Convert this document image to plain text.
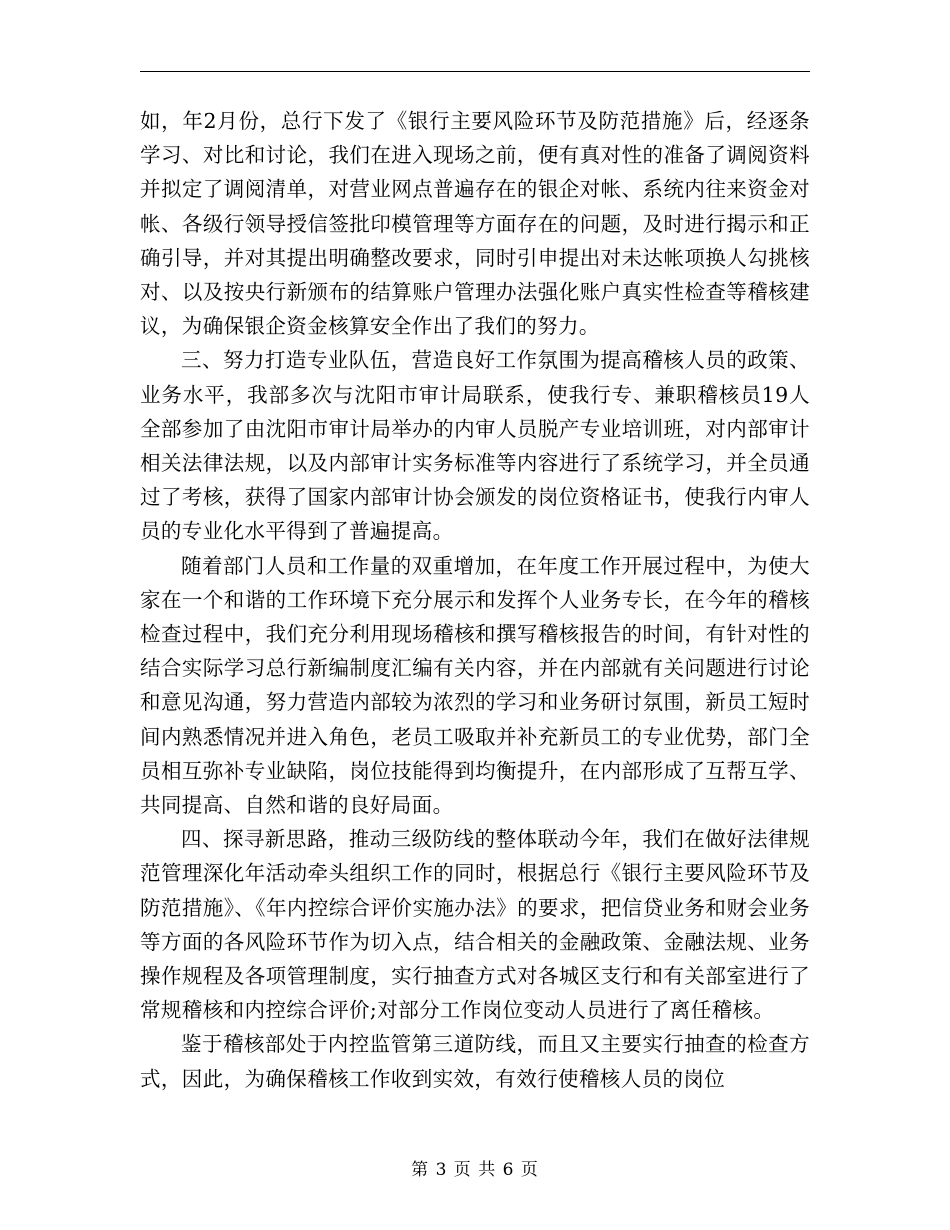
如，年2月份，总行下发了《银行主要风险环节及防范措施》后，经逐条学习、对比和讨论，我们在进入现场之前，便有真对性的准备了调阅资料并拟定了调阅清单，对营业网点普遍存在的银企对帐、系统内往来资金对帐、各级行领导授信签批印模管理等方面存在的问题，及时进行揭示和正确引导，并对其提出明确整改要求，同时引申提出对未达帐项换人勾挑核对、以及按央行新颁布的结算账户管理办法强化账户真实性检查等稽核建议，为确保银企资金核算安全作出了我们的努力。

三、努力打造专业队伍，营造良好工作氛围为提高稽核人员的政策、业务水平，我部多次与沈阳市审计局联系，使我行专、兼职稽核员19人全部参加了由沈阳市审计局举办的内审人员脱产专业培训班，对内部审计相关法律法规，以及内部审计实务标准等内容进行了系统学习，并全员通过了考核，获得了国家内部审计协会颁发的岗位资格证书，使我行内审人员的专业化水平得到了普遍提高。

随着部门人员和工作量的双重增加，在年度工作开展过程中，为使大家在一个和谐的工作环境下充分展示和发挥个人业务专长，在今年的稽核检查过程中，我们充分利用现场稽核和撰写稽核报告的时间，有针对性的结合实际学习总行新编制度汇编有关内容，并在内部就有关问题进行讨论和意见沟通，努力营造内部较为浓烈的学习和业务研讨氛围，新员工短时间内熟悉情况并进入角色，老员工吸取并补充新员工的专业优势，部门全员相互弥补专业缺陷，岗位技能得到均衡提升，在内部形成了互帮互学、共同提高、自然和谐的良好局面。

四、探寻新思路，推动三级防线的整体联动今年，我们在做好法律规范管理深化年活动牵头组织工作的同时，根据总行《银行主要风险环节及防范措施》、《年内控综合评价实施办法》的要求，把信贷业务和财会业务等方面的各风险环节作为切入点，结合相关的金融政策、金融法规、业务操作规程及各项管理制度，实行抽查方式对各城区支行和有关部室进行了常规稽核和内控综合评价;对部分工作岗位变动人员进行了离任稽核。

鉴于稽核部处于内控监管第三道防线，而且又主要实行抽查的检查方式，因此，为确保稽核工作收到实效，有效行使稽核人员的岗位

第 3 页 共 6 页
